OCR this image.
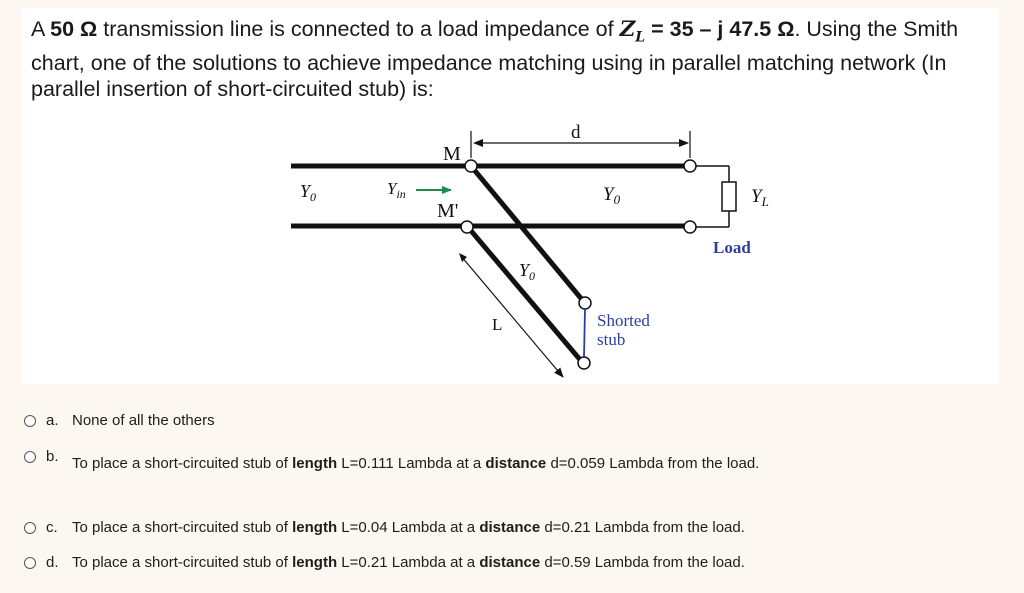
A 50 Ω transmission line is connected to a load impedance of $Z_L = 35 - j$ 47.5 Ω. Using the Smith chart, one of the solutions to achieve impedance matching using in parallel matching network (In parallel insertion of short-circuited stub) is:
d
M
M'
$Y_0$	$Y_{in}$	$Y_0$	$Y_L$
Load
$Y_0$
L	Shorted
stub
a. None of all the others
b. To place a short-circuited stub of length L=0.111 Lambda at a distance d=0.059 Lambda from the load.
c. To place a short-circuited stub of length L=0.04 Lambda at a distance d=0.21 Lambda from the load.
d. To place a short-circuited stub of length L=0.21 Lambda at a distance d=0.59 Lambda from the load.
